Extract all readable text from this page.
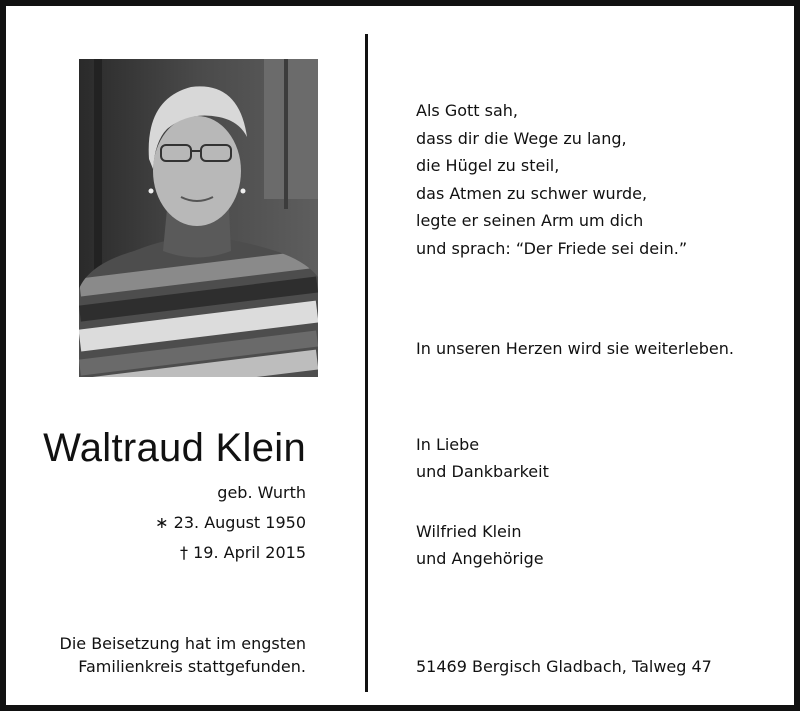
Waltraud Klein
geb. Wurth
∗ 23. August 1950
† 19. April 2015
Die Beisetzung hat im engsten
Familienkreis stattgefunden.
Als Gott sah,
dass dir die Wege zu lang,
die Hügel zu steil,
das Atmen zu schwer wurde,
legte er seinen Arm um dich
und sprach: “Der Friede sei dein.”
In unseren Herzen wird sie weiterleben.
In Liebe
und Dankbarkeit
Wilfried Klein
und Angehörige
51469 Bergisch Gladbach, Talweg 47
